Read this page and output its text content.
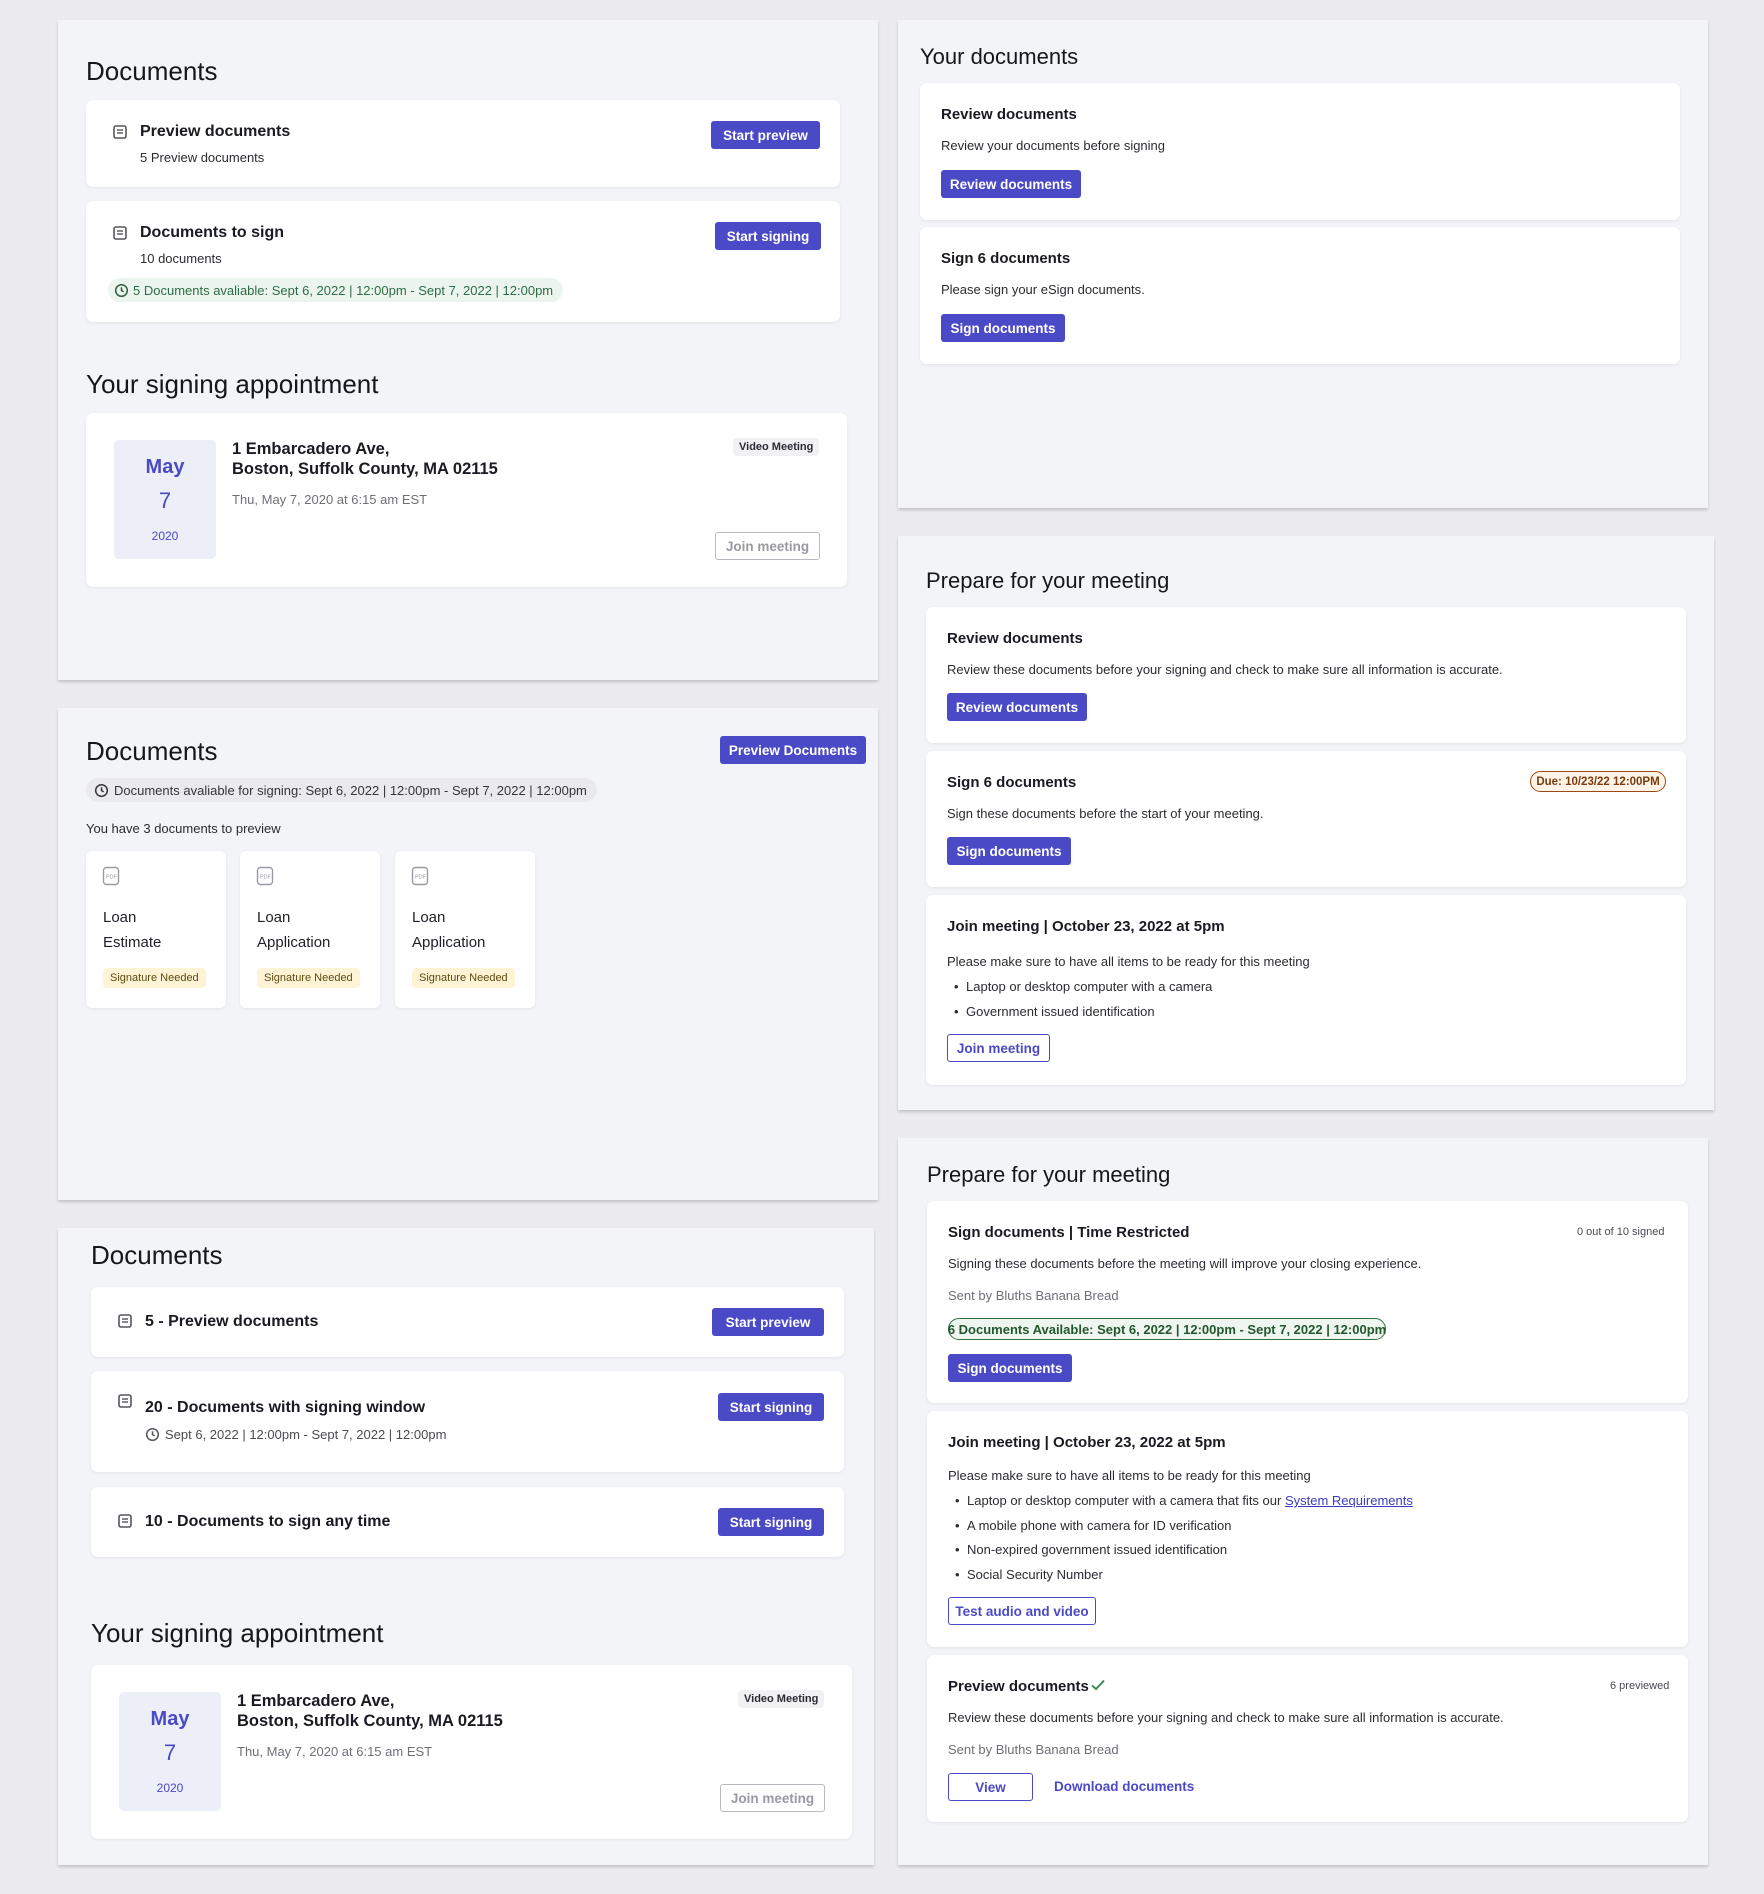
Documents
Preview documents
5 Preview documents
Start preview
Documents to sign
10 documents
5 Documents avaliable: Sept 6, 2022 | 12:00pm - Sept 7, 2022 | 12:00pm
Start signing
Your signing appointment
May
7
2020
1 Embarcadero Ave,
Boston, Suffolk County, MA 02115
Thu, May 7, 2020 at 6:15 am EST
Video Meeting
Join meeting
Your documents
Review documents
Review your documents before signing
Review documents
Sign 6 documents
Please sign your eSign documents.
Sign documents
Documents	Preview Documents
Documents avaliable for signing: Sept 6, 2022 | 12:00pm - Sept 7, 2022 | 12:00pm
You have 3 documents to preview
PDF
Loan
Estimate
Signature Needed
PDF
Loan
Application
Signature Needed
PDF
Loan
Application
Signature Needed
Prepare for your meeting
Review documents
Review these documents before your signing and check to make sure all information is accurate.
Review documents
Sign 6 documents	Due: 10/23/22 12:00PM
Sign these documents before the start of your meeting.
Sign documents
Join meeting | October 23, 2022 at 5pm
Please make sure to have all items to be ready for this meeting
• Laptop or desktop computer with a camera
• Government issued identification
Join meeting
Documents
5 - Preview documents	Start preview
20 - Documents with signing window
Sept 6, 2022 | 12:00pm - Sept 7, 2022 | 12:00pm
Start signing
10 - Documents to sign any time	Start signing
Your signing appointment
May
7
2020
1 Embarcadero Ave,
Boston, Suffolk County, MA 02115
Thu, May 7, 2020 at 6:15 am EST
Video Meeting
Join meeting
Prepare for your meeting
Sign documents | Time Restricted	0 out of 10 signed
Signing these documents before the meeting will improve your closing experience.
Sent by Bluths Banana Bread
6 Documents Available: Sept 6, 2022 | 12:00pm - Sept 7, 2022 | 12:00pm
Sign documents
Join meeting | October 23, 2022 at 5pm
Please make sure to have all items to be ready for this meeting
• Laptop or desktop computer with a camera that fits our System Requirements
• A mobile phone with camera for ID verification
• Non-expired government issued identification
• Social Security Number
Test audio and video
Preview documents	6 previewed
Review these documents before your signing and check to make sure all information is accurate.
Sent by Bluths Banana Bread
View	Download documents
